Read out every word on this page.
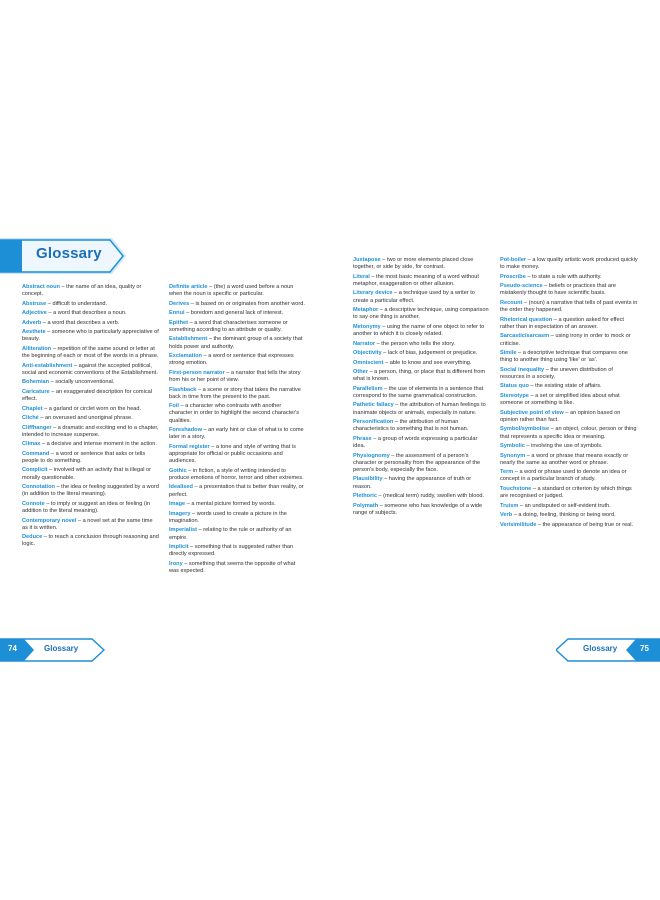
Glossary
Abstract noun – the name of an idea, quality or concept.
Abstruse – difficult to understand.
Adjective – a word that describes a noun.
Adverb – a word that describes a verb.
Aesthete – someone who is particularly appreciative of beauty.
Alliteration – repetition of the same sound or letter at the beginning of each or most of the words in a phrase.
Anti-establishment – against the accepted political, social and economic conventions of the Establishment.
Bohemian – socially unconventional.
Caricature – an exaggerated description for comical effect.
Chaplet – a garland or circlet worn on the head.
Cliché – an overused and unoriginal phrase.
Cliffhanger – a dramatic and exciting end to a chapter, intended to increase suspense.
Climax – a decisive and intense moment in the action.
Command – a word or sentence that asks or tells people to do something.
Complicit – involved with an activity that is illegal or morally questionable.
Connotation – the idea or feeling suggested by a word (in addition to the literal meaning).
Connote – to imply or suggest an idea or feeling (in addition to the literal meaning).
Contemporary novel – a novel set at the same time as it is written.
Deduce – to reach a conclusion through reasoning and logic.
Definite article – (the) a word used before a noun when the noun is specific or particular.
Derives – is based on or originates from another word.
Ennui – boredom and general lack of interest.
Epithet – a word that characterises someone or something according to an attribute or quality.
Establishment – the dominant group of a society that holds power and authority.
Exclamation – a word or sentence that expresses strong emotion.
First-person narrator – a narrator that tells the story from his or her point of view.
Flashback – a scene or story that takes the narrative back in time from the present to the past.
Foil – a character who contrasts with another character in order to highlight the second character's qualities.
Foreshadow – an early hint or clue of what is to come later in a story.
Formal register – a tone and style of writing that is appropriate for official or public occasions and audiences.
Gothic – in fiction, a style of writing intended to produce emotions of horror, terror and other extremes.
Idealised – a presentation that is better than reality, or perfect.
Image – a mental picture formed by words.
Imagery – words used to create a picture in the imagination.
Imperialist – relating to the rule or authority of an empire.
Implicit – something that is suggested rather than directly expressed.
Irony – something that seems the opposite of what was expected.
Juxtapose – two or more elements placed close together, or side by side, for contrast.
Literal – the most basic meaning of a word without metaphor, exaggeration or other allusion.
Literary device – a technique used by a writer to create a particular effect.
Metaphor – a descriptive technique, using comparison to say one thing is another.
Metonymy – using the name of one object to refer to another to which it is closely related.
Narrator – the person who tells the story.
Objectivity – lack of bias, judgement or prejudice.
Omniscient – able to know and see everything.
Other – a person, thing, or place that is different from what is known.
Parallelism – the use of elements in a sentence that correspond to the same grammatical construction.
Pathetic fallacy – the attribution of human feelings to inanimate objects or animals, especially in nature.
Personification – the attribution of human characteristics to something that is not human.
Phrase – a group of words expressing a particular idea.
Physiognomy – the assessment of a person's character or personality from the appearance of the person's body, especially the face.
Plausibility – having the appearance of truth or reason.
Plethoric – (medical term) ruddy, swollen with blood.
Polymath – someone who has knowledge of a wide range of subjects.
Pot-boiler – a low quality artistic work produced quickly to make money.
Proscribe – to state a rule with authority.
Pseudo-science – beliefs or practices that are mistakenly thought to have scientific basis.
Recount – (noun) a narrative that tells of past events in the order they happened.
Rhetorical question – a question asked for effect rather than in expectation of an answer.
Sarcastic/sarcasm – using irony in order to mock or criticise.
Simile – a descriptive technique that compares one thing to another thing using 'like' or 'as'.
Social inequality – the uneven distribution of resources in a society.
Status quo – the existing state of affairs.
Stereotype – a set or simplified idea about what someone or something is like.
Subjective point of view – an opinion based on opinion rather than fact.
Symbol/symbolise – an object, colour, person or thing that represents a specific idea or meaning.
Symbolic – involving the use of symbols.
Synonym – a word or phrase that means exactly or nearly the same as another word or phrase.
Term – a word or phrase used to denote an idea or concept in a particular branch of study.
Touchstone – a standard or criterion by which things are recognised or judged.
Truism – an undisputed or self-evident truth.
Verb – a doing, feeling, thinking or being word.
Verisimilitude – the appearance of being true or real.
74	Glossary	Glossary	75
